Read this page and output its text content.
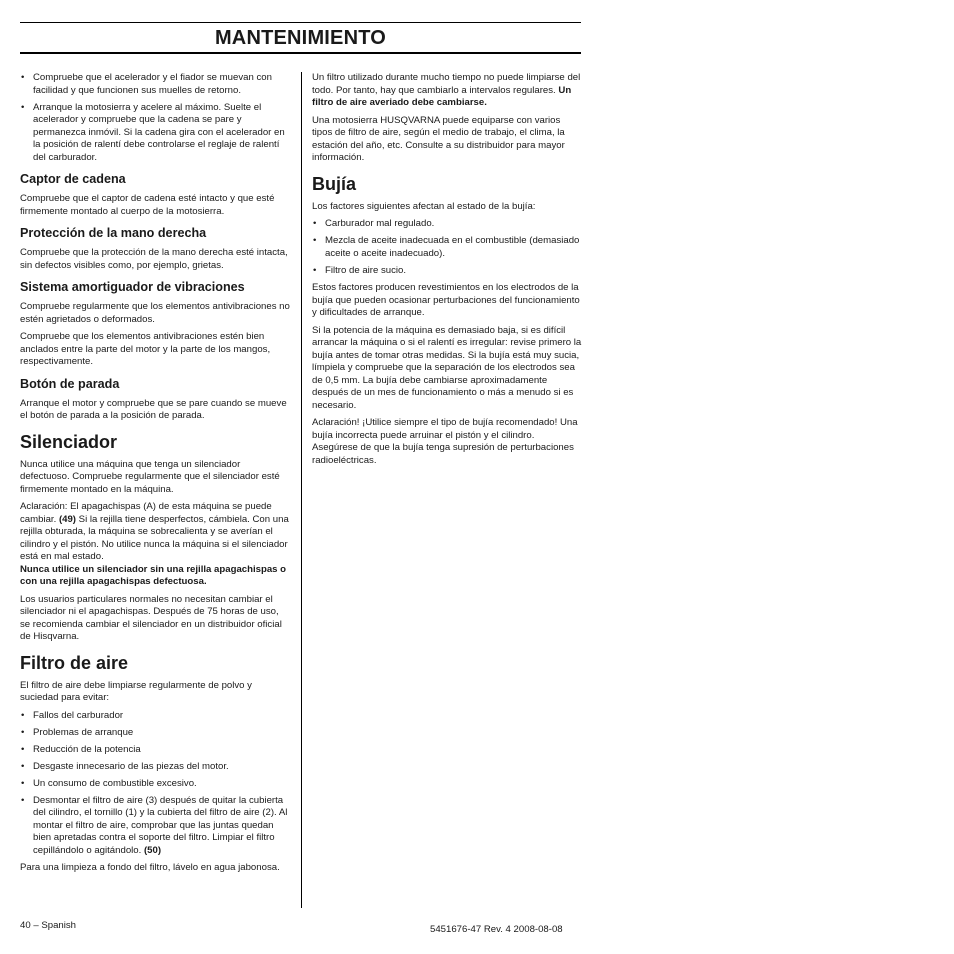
MANTENIMIENTO
• Compruebe que el acelerador y el fiador se muevan con facilidad y que funcionen sus muelles de retorno.
• Arranque la motosierra y acelere al máximo. Suelte el acelerador y compruebe que la cadena se pare y permanezca inmóvil. Si la cadena gira con el acelerador en la posición de ralentí debe controlarse el reglaje de ralentí del carburador.
Captor de cadena

Compruebe que el captor de cadena esté intacto y que esté firmemente montado al cuerpo de la motosierra.

Protección de la mano derecha

Compruebe que la protección de la mano derecha esté intacta, sin defectos visibles como, por ejemplo, grietas.

Sistema amortiguador de vibraciones

Compruebe regularmente que los elementos antivibraciones no estén agrietados o deformados.

Compruebe que los elementos antivibraciones estén bien anclados entre la parte del motor y la parte de los mangos, respectivamente.

Botón de parada

Arranque el motor y compruebe que se pare cuando se mueve el botón de parada a la posición de parada.

Silenciador

Nunca utilice una máquina que tenga un silenciador defectuoso. Compruebe regularmente que el silenciador esté firmemente montado en la máquina.

Aclaración: El apagachispas (A) de esta máquina se puede cambiar. (49) Si la rejilla tiene desperfectos, cámbiela. Con una rejilla obturada, la máquina se sobrecalienta y se averían el cilindro y el pistón. No utilice nunca la máquina si el silenciador está en mal estado.
Nunca utilice un silenciador sin una rejilla apagachispas o con una rejilla apagachispas defectuosa.

Los usuarios particulares normales no necesitan cambiar el silenciador ni el apagachispas. Después de 75 horas de uso, se recomienda cambiar el silenciador en un distribuidor oficial de Hisqvarna.

Filtro de aire

El filtro de aire debe limpiarse regularmente de polvo y suciedad para evitar:

• Fallos del carburador
• Problemas de arranque
• Reducción de la potencia
• Desgaste innecesario de las piezas del motor.
• Un consumo de combustible excesivo.
• Desmontar el filtro de aire (3) después de quitar la cubierta del cilindro, el tornillo (1) y la cubierta del filtro de aire (2). Al montar el filtro de aire, comprobar que las juntas quedan bien apretadas contra el soporte del filtro. Limpiar el filtro cepillándolo o agitándolo. (50)

Para una limpieza a fondo del filtro, lávelo en agua jabonosa.

Un filtro utilizado durante mucho tiempo no puede limpiarse del todo. Por tanto, hay que cambiarlo a intervalos regulares. Un filtro de aire averiado debe cambiarse.

Una motosierra HUSQVARNA puede equiparse con varios tipos de filtro de aire, según el medio de trabajo, el clima, la estación del año, etc. Consulte a su distribuidor para mayor información.

Bujía

Los factores siguientes afectan al estado de la bujía:

• Carburador mal regulado.
• Mezcla de aceite inadecuada en el combustible (demasiado aceite o aceite inadecuado).
• Filtro de aire sucio.

Estos factores producen revestimientos en los electrodos de la bujía que pueden ocasionar perturbaciones del funcionamiento y dificultades de arranque.

Si la potencia de la máquina es demasiado baja, si es difícil arrancar la máquina o si el ralentí es irregular: revise primero la bujía antes de tomar otras medidas. Si la bujía está muy sucia, límpiela y compruebe que la separación de los electrodos sea de 0,5 mm. La bujía debe cambiarse aproximadamente después de un mes de funcionamiento o más a menudo si es necesario.

Aclaración! ¡Utilice siempre el tipo de bujía recomendado! Una bujía incorrecta puede arruinar el pistón y el cilindro. Asegúrese de que la bujía tenga supresión de perturbaciones radioeléctricas.

40 – Spanish	5451676-47 Rev. 4 2008-08-08
